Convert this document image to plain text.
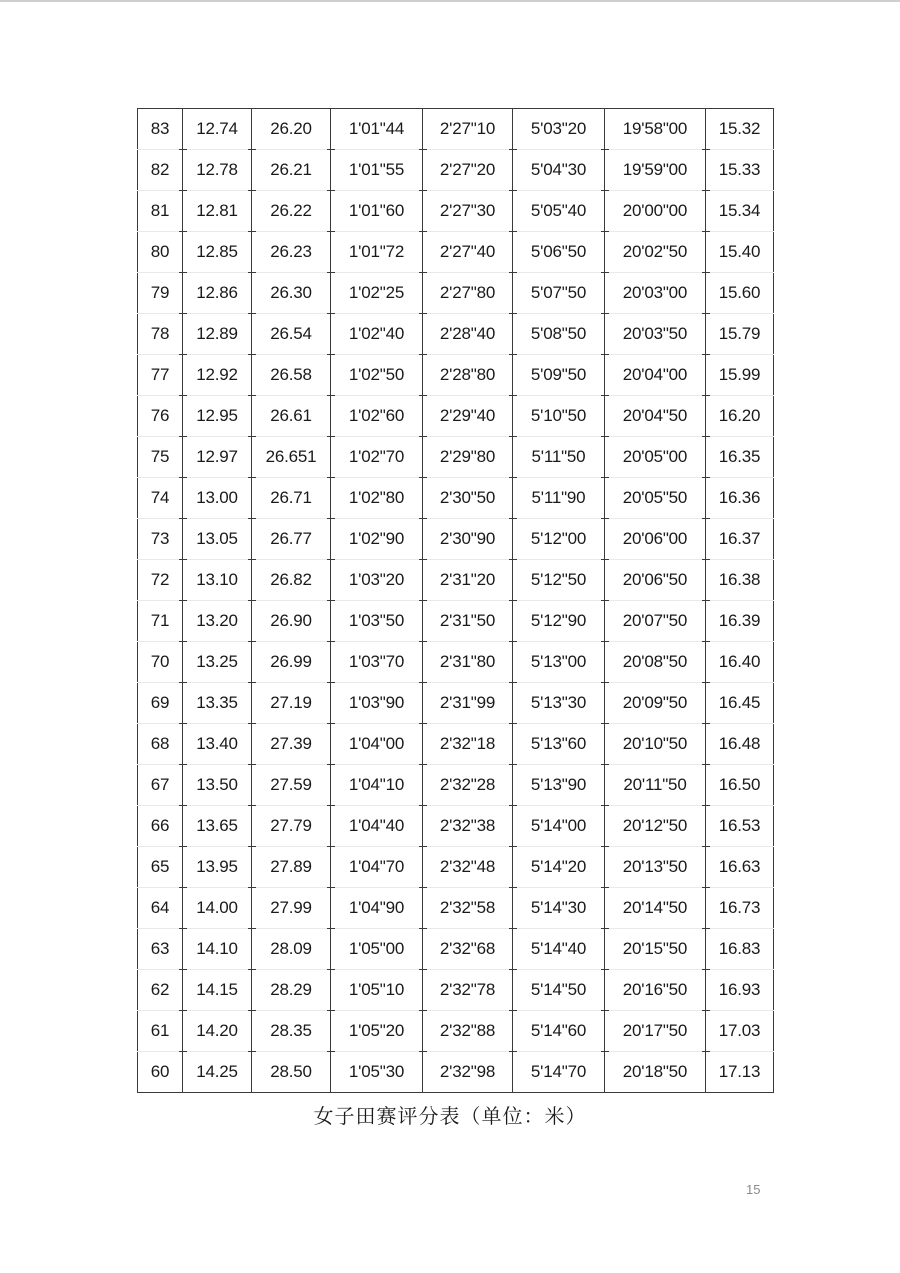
83	12.74	26.20	1'01"44	2'27"10	5'03"20	19'58"00	15.32
82	12.78	26.21	1'01"55	2'27"20	5'04"30	19'59"00	15.33
81	12.81	26.22	1'01"60	2'27"30	5'05"40	20'00"00	15.34
80	12.85	26.23	1'01"72	2'27"40	5'06"50	20'02"50	15.40
79	12.86	26.30	1'02"25	2'27"80	5'07"50	20'03"00	15.60
78	12.89	26.54	1'02"40	2'28"40	5'08"50	20'03"50	15.79
77	12.92	26.58	1'02"50	2'28"80	5'09"50	20'04"00	15.99
76	12.95	26.61	1'02"60	2'29"40	5'10"50	20'04"50	16.20
75	12.97	26.651	1'02"70	2'29"80	5'11"50	20'05"00	16.35
74	13.00	26.71	1'02"80	2'30"50	5'11"90	20'05"50	16.36
73	13.05	26.77	1'02"90	2'30"90	5'12"00	20'06"00	16.37
72	13.10	26.82	1'03"20	2'31"20	5'12"50	20'06"50	16.38
71	13.20	26.90	1'03"50	2'31"50	5'12"90	20'07"50	16.39
70	13.25	26.99	1'03"70	2'31"80	5'13"00	20'08"50	16.40
69	13.35	27.19	1'03"90	2'31"99	5'13"30	20'09"50	16.45
68	13.40	27.39	1'04"00	2'32"18	5'13"60	20'10"50	16.48
67	13.50	27.59	1'04"10	2'32"28	5'13"90	20'11"50	16.50
66	13.65	27.79	1'04"40	2'32"38	5'14"00	20'12"50	16.53
65	13.95	27.89	1'04"70	2'32"48	5'14"20	20'13"50	16.63
64	14.00	27.99	1'04"90	2'32"58	5'14"30	20'14"50	16.73
63	14.10	28.09	1'05"00	2'32"68	5'14"40	20'15"50	16.83
62	14.15	28.29	1'05"10	2'32"78	5'14"50	20'16"50	16.93
61	14.20	28.35	1'05"20	2'32"88	5'14"60	20'17"50	17.03
60	14.25	28.50	1'05"30	2'32"98	5'14"70	20'18"50	17.13
女子田赛评分表（单位：米）
15
